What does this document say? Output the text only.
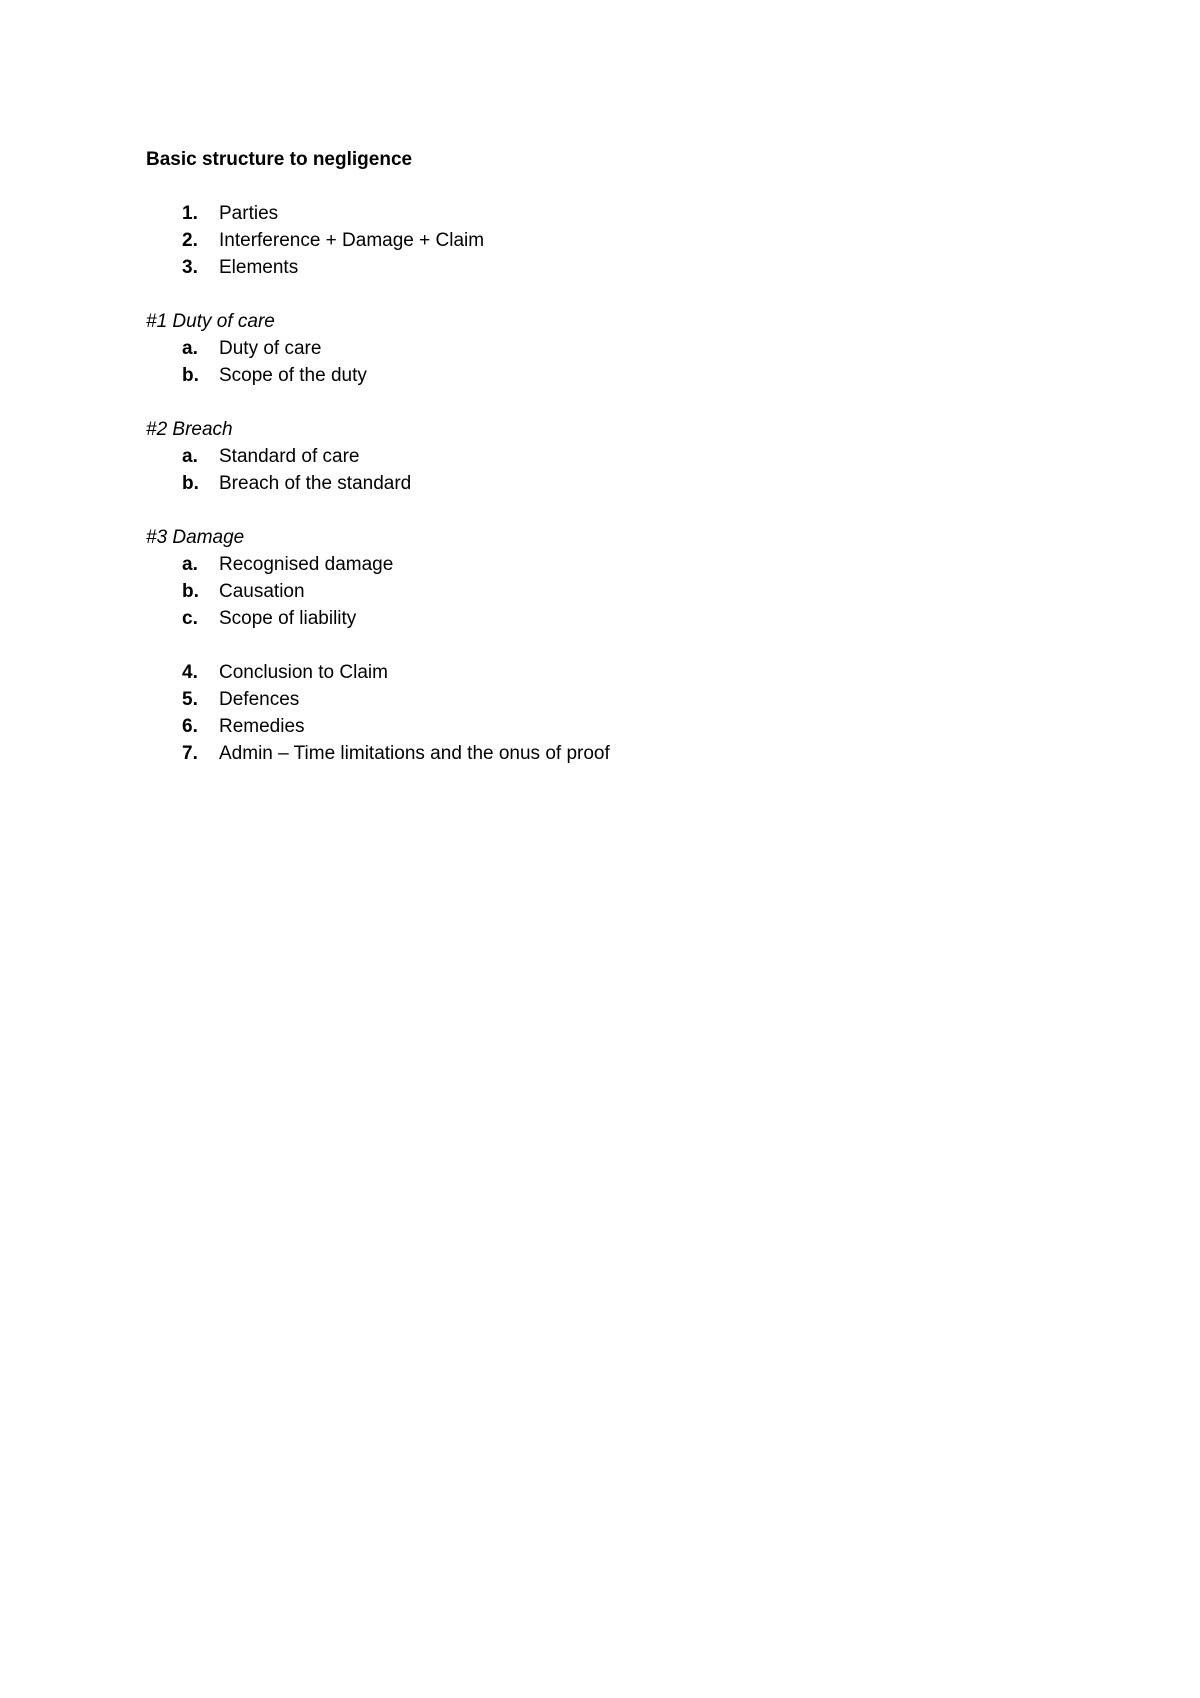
Basic structure to negligence
1. Parties
2. Interference + Damage + Claim
3. Elements
#1 Duty of care
a. Duty of care
b. Scope of the duty
#2 Breach
a. Standard of care
b. Breach of the standard
#3 Damage
a. Recognised damage
b. Causation
c. Scope of liability
4. Conclusion to Claim
5. Defences
6. Remedies
7. Admin – Time limitations and the onus of proof
